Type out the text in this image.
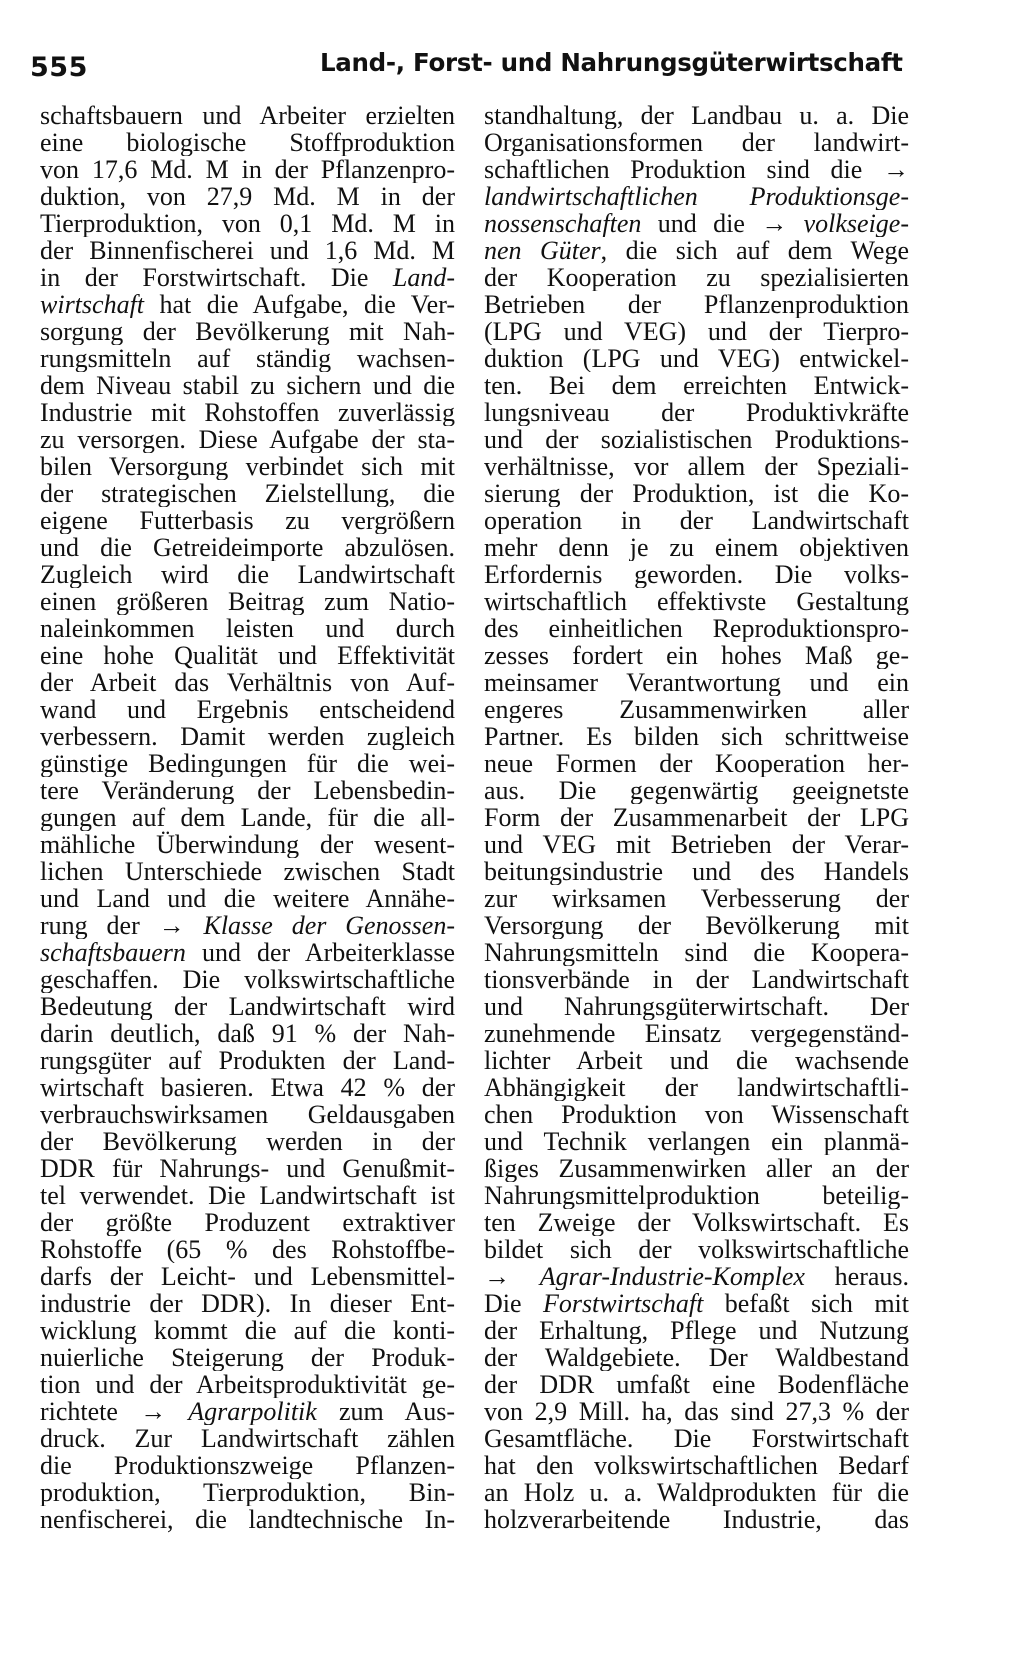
555	Land-, Forst- und Nahrungsgüterwirtschaft
schaftsbauern und Arbeiter erzielten
eine biologische Stoffproduktion
von 17,6 Md. M in der Pflanzenpro-
duktion, von 27,9 Md. M in der
Tierproduktion, von 0,1 Md. M in
der Binnenfischerei und 1,6 Md. M
in der Forstwirtschaft. Die Land-
wirtschaft hat die Aufgabe, die Ver-
sorgung der Bevölkerung mit Nah-
rungsmitteln auf ständig wachsen-
dem Niveau stabil zu sichern und die
Industrie mit Rohstoffen zuverlässig
zu versorgen. Diese Aufgabe der sta-
bilen Versorgung verbindet sich mit
der strategischen Zielstellung, die
eigene Futterbasis zu vergrößern
und die Getreideimporte abzulösen.
Zugleich wird die Landwirtschaft
einen größeren Beitrag zum Natio-
naleinkommen leisten und durch
eine hohe Qualität und Effektivität
der Arbeit das Verhältnis von Auf-
wand und Ergebnis entscheidend
verbessern. Damit werden zugleich
günstige Bedingungen für die wei-
tere Veränderung der Lebensbedin-
gungen auf dem Lande, für die all-
mähliche Überwindung der wesent-
lichen Unterschiede zwischen Stadt
und Land und die weitere Annähe-
rung der → Klasse der Genossen-
schaftsbauern und der Arbeiterklasse
geschaffen. Die volkswirtschaftliche
Bedeutung der Landwirtschaft wird
darin deutlich, daß 91 % der Nah-
rungsgüter auf Produkten der Land-
wirtschaft basieren. Etwa 42 % der
verbrauchswirksamen Geldausgaben
der Bevölkerung werden in der
DDR für Nahrungs- und Genußmit-
tel verwendet. Die Landwirtschaft ist
der größte Produzent extraktiver
Rohstoffe (65 % des Rohstoffbe-
darfs der Leicht- und Lebensmittel-
industrie der DDR). In dieser Ent-
wicklung kommt die auf die konti-
nuierliche Steigerung der Produk-
tion und der Arbeitsproduktivität ge-
richtete → Agrarpolitik zum Aus-
druck. Zur Landwirtschaft zählen
die Produktionszweige Pflanzen-
produktion, Tierproduktion, Bin-
nenfischerei, die landtechnische In-
standhaltung, der Landbau u. a. Die
Organisationsformen der landwirt-
schaftlichen Produktion sind die →
landwirtschaftlichen Produktionsge-
nossenschaften und die → volkseige-
nen Güter, die sich auf dem Wege
der Kooperation zu spezialisierten
Betrieben der Pflanzenproduktion
(LPG und VEG) und der Tierpro-
duktion (LPG und VEG) entwickel-
ten. Bei dem erreichten Entwick-
lungsniveau der Produktivkräfte
und der sozialistischen Produktions-
verhältnisse, vor allem der Speziali-
sierung der Produktion, ist die Ko-
operation in der Landwirtschaft
mehr denn je zu einem objektiven
Erfordernis geworden. Die volks-
wirtschaftlich effektivste Gestaltung
des einheitlichen Reproduktionspro-
zesses fordert ein hohes Maß ge-
meinsamer Verantwortung und ein
engeres Zusammenwirken aller
Partner. Es bilden sich schrittweise
neue Formen der Kooperation her-
aus. Die gegenwärtig geeignetste
Form der Zusammenarbeit der LPG
und VEG mit Betrieben der Verar-
beitungsindustrie und des Handels
zur wirksamen Verbesserung der
Versorgung der Bevölkerung mit
Nahrungsmitteln sind die Koopera-
tionsverbände in der Landwirtschaft
und Nahrungsgüterwirtschaft. Der
zunehmende Einsatz vergegenständ-
lichter Arbeit und die wachsende
Abhängigkeit der landwirtschaftli-
chen Produktion von Wissenschaft
und Technik verlangen ein planmä-
ßiges Zusammenwirken aller an der
Nahrungsmittelproduktion beteilig-
ten Zweige der Volkswirtschaft. Es
bildet sich der volkswirtschaftliche
→ Agrar-Industrie-Komplex heraus.
Die Forstwirtschaft befaßt sich mit
der Erhaltung, Pflege und Nutzung
der Waldgebiete. Der Waldbestand
der DDR umfaßt eine Bodenfläche
von 2,9 Mill. ha, das sind 27,3 % der
Gesamtfläche. Die Forstwirtschaft
hat den volkswirtschaftlichen Bedarf
an Holz u. a. Waldprodukten für die
holzverarbeitende Industrie, das
